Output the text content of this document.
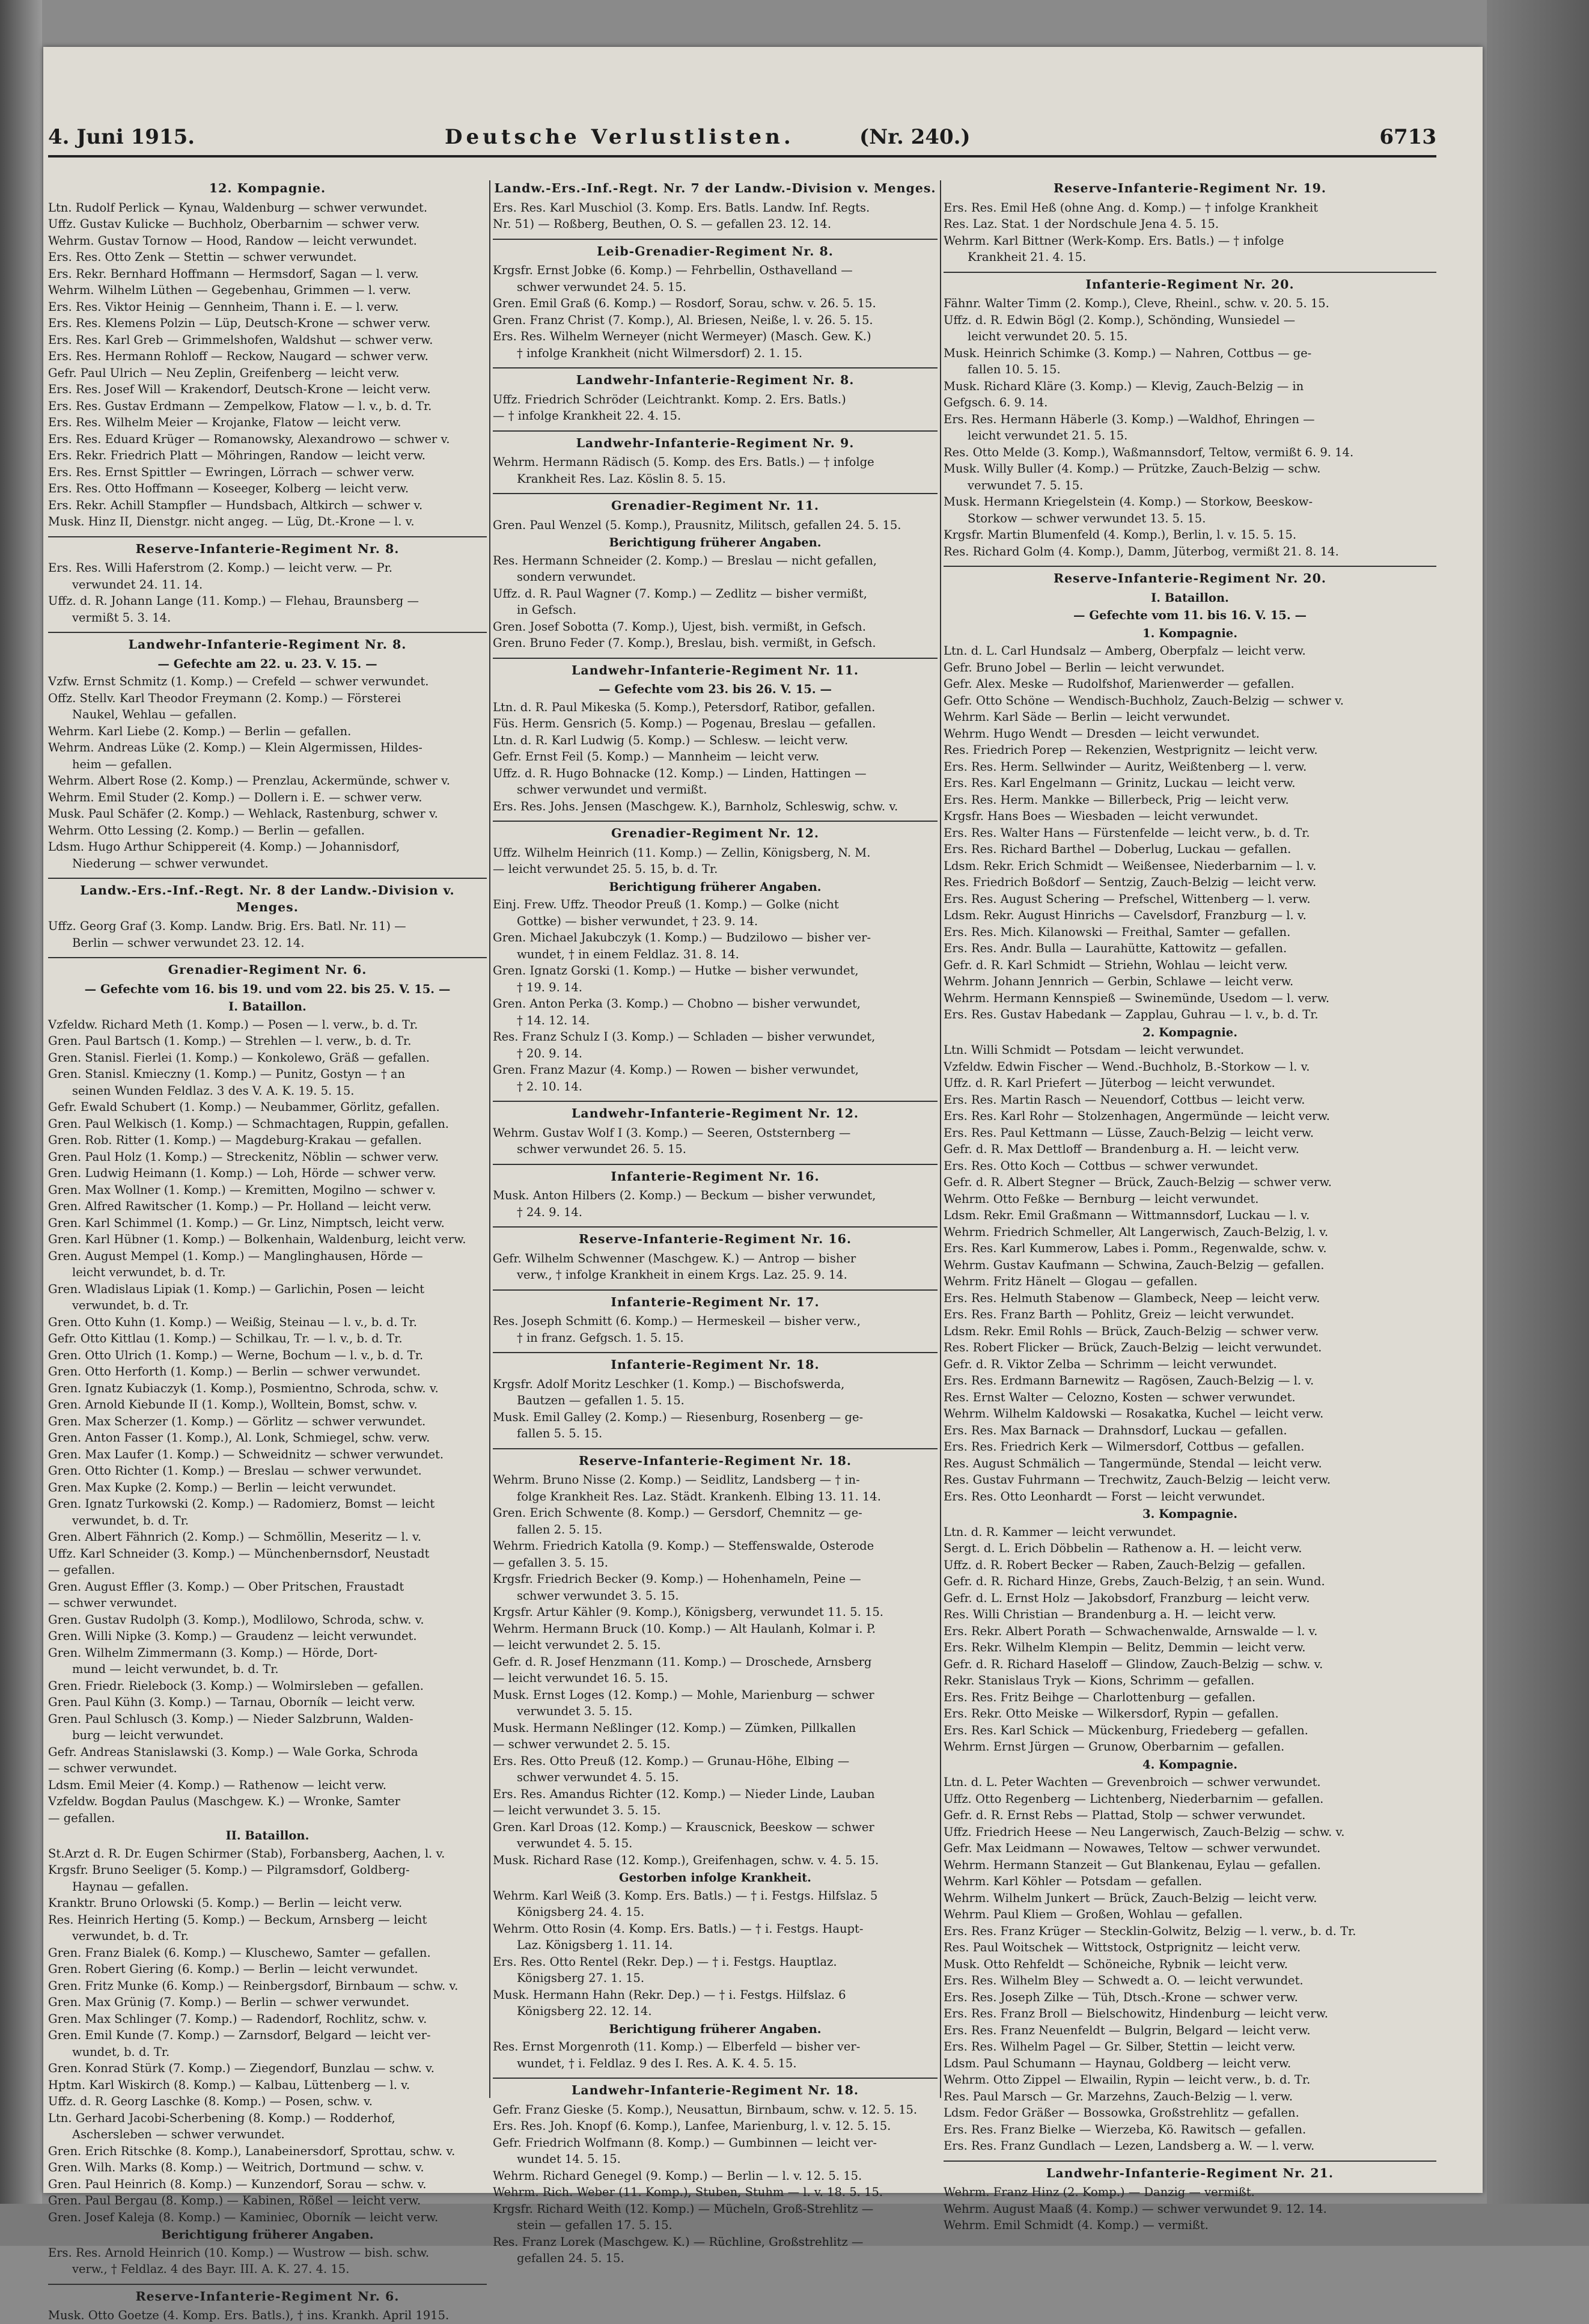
4. Juni 1915.	Deutsche Verlustlisten.	(Nr. 240.)	6713
12. Kompagnie.
Ltn. Rudolf Perlick — Kynau, Waldenburg — schwer verwundet.
Uffz. Gustav Kulicke — Buchholz, Oberbarnim — schwer verw.
Wehrm. Gustav Tornow — Hood, Randow — leicht verwundet.
Ers. Res. Otto Zenk — Stettin — schwer verwundet.
Ers. Rekr. Bernhard Hoffmann — Hermsdorf, Sagan — l. verw.
Wehrm. Wilhelm Lüthen — Gegebenhau, Grimmen — l. verw.
Ers. Res. Viktor Heinig — Gennheim, Thann i. E. — l. verw.
Ers. Res. Klemens Polzin — Lüp, Deutsch-Krone — schwer verw.
Ers. Res. Karl Greb — Grimmelshofen, Waldshut — schwer verw.
Ers. Res. Hermann Rohloff — Reckow, Naugard — schwer verw.
Gefr. Paul Ulrich — Neu Zeplin, Greifenberg — leicht verw.
Ers. Res. Josef Will — Krakendorf, Deutsch-Krone — leicht verw.
Ers. Res. Gustav Erdmann — Zempelkow, Flatow — l. v., b. d. Tr.
Ers. Res. Wilhelm Meier — Krojanke, Flatow — leicht verw.
Ers. Res. Eduard Krüger — Romanowsky, Alexandrowo — schwer v.
Ers. Rekr. Friedrich Platt — Möhringen, Randow — leicht verw.
Ers. Res. Ernst Spittler — Ewringen, Lörrach — schwer verw.
Ers. Res. Otto Hoffmann — Koseeger, Kolberg — leicht verw.
Ers. Rekr. Achill Stampfler — Hundsbach, Altkirch — schwer v.
Musk. Hinz II, Dienstgr. nicht angeg. — Lüg, Dt.-Krone — l. v.
Reserve-Infanterie-Regiment Nr. 8.
Ers. Res. Willi Haferstrom (2. Komp.) — leicht verw. — Pr.
verwundet 24. 11. 14.
Uffz. d. R. Johann Lange (11. Komp.) — Flehau, Braunsberg —
vermißt 5. 3. 14.
Landwehr-Infanterie-Regiment Nr. 8.
— Gefechte am 22. u. 23. V. 15. —
Vzfw. Ernst Schmitz (1. Komp.) — Crefeld — schwer verwundet.
Offz. Stellv. Karl Theodor Freymann (2. Komp.) — Försterei
Naukel, Wehlau — gefallen.
Wehrm. Karl Liebe (2. Komp.) — Berlin — gefallen.
Wehrm. Andreas Lüke (2. Komp.) — Klein Algermissen, Hildes-
heim — gefallen.
Wehrm. Albert Rose (2. Komp.) — Prenzlau, Ackermünde, schwer v.
Wehrm. Emil Studer (2. Komp.) — Dollern i. E. — schwer verw.
Musk. Paul Schäfer (2. Komp.) — Wehlack, Rastenburg, schwer v.
Wehrm. Otto Lessing (2. Komp.) — Berlin — gefallen.
Ldsm. Hugo Arthur Schippereit (4. Komp.) — Johannisdorf,
Niederung — schwer verwundet.
Landw.-Ers.-Inf.-Regt. Nr. 8 der Landw.-Division v. Menges.
Uffz. Georg Graf (3. Komp. Landw. Brig. Ers. Batl. Nr. 11) —
Berlin — schwer verwundet 23. 12. 14.
Grenadier-Regiment Nr. 6.
— Gefechte vom 16. bis 19. und vom 22. bis 25. V. 15. —
I. Bataillon.
Vzfeldw. Richard Meth (1. Komp.) — Posen — l. verw., b. d. Tr.
Gren. Paul Bartsch (1. Komp.) — Strehlen — l. verw., b. d. Tr.
Gren. Stanisl. Fierlei (1. Komp.) — Konkolewo, Gräß — gefallen.
Gren. Stanisl. Kmieczny (1. Komp.) — Punitz, Gostyn — † an
seinen Wunden Feldlaz. 3 des V. A. K. 19. 5. 15.
Gefr. Ewald Schubert (1. Komp.) — Neubammer, Görlitz, gefallen.
Gren. Paul Welkisch (1. Komp.) — Schmachtagen, Ruppin, gefallen.
Gren. Rob. Ritter (1. Komp.) — Magdeburg-Krakau — gefallen.
Gren. Paul Holz (1. Komp.) — Streckenitz, Nöblin — schwer verw.
Gren. Ludwig Heimann (1. Komp.) — Loh, Hörde — schwer verw.
Gren. Max Wollner (1. Komp.) — Kremitten, Mogilno — schwer v.
Gren. Alfred Rawitscher (1. Komp.) — Pr. Holland — leicht verw.
Gren. Karl Schimmel (1. Komp.) — Gr. Linz, Nimptsch, leicht verw.
Gren. Karl Hübner (1. Komp.) — Bolkenhain, Waldenburg, leicht verw.
Gren. August Mempel (1. Komp.) — Manglinghausen, Hörde —
leicht verwundet, b. d. Tr.
Gren. Wladislaus Lipiak (1. Komp.) — Garlichin, Posen — leicht
verwundet, b. d. Tr.
Gren. Otto Kuhn (1. Komp.) — Weißig, Steinau — l. v., b. d. Tr.
Gefr. Otto Kittlau (1. Komp.) — Schilkau, Tr. — l. v., b. d. Tr.
Gren. Otto Ulrich (1. Komp.) — Werne, Bochum — l. v., b. d. Tr.
Gren. Otto Herforth (1. Komp.) — Berlin — schwer verwundet.
Gren. Ignatz Kubiaczyk (1. Komp.), Posmientno, Schroda, schw. v.
Gren. Arnold Kiebunde II (1. Komp.), Wolltein, Bomst, schw. v.
Gren. Max Scherzer (1. Komp.) — Görlitz — schwer verwundet.
Gren. Anton Fasser (1. Komp.), Al. Lonk, Schmiegel, schw. verw.
Gren. Max Laufer (1. Komp.) — Schweidnitz — schwer verwundet.
Gren. Otto Richter (1. Komp.) — Breslau — schwer verwundet.
Gren. Max Kupke (2. Komp.) — Berlin — leicht verwundet.
Gren. Ignatz Turkowski (2. Komp.) — Radomierz, Bomst — leicht
verwundet, b. d. Tr.
Gren. Albert Fähnrich (2. Komp.) — Schmöllin, Meseritz — l. v.
Uffz. Karl Schneider (3. Komp.) — Münchenbernsdorf, Neustadt
— gefallen.
Gren. August Effler (3. Komp.) — Ober Pritschen, Fraustadt
— schwer verwundet.
Gren. Gustav Rudolph (3. Komp.), Modlilowo, Schroda, schw. v.
Gren. Willi Nipke (3. Komp.) — Graudenz — leicht verwundet.
Gren. Wilhelm Zimmermann (3. Komp.) — Hörde, Dort-
mund — leicht verwundet, b. d. Tr.
Gren. Friedr. Rielebock (3. Komp.) — Wolmirsleben — gefallen.
Gren. Paul Kühn (3. Komp.) — Tarnau, Oborník — leicht verw.
Gren. Paul Schlusch (3. Komp.) — Nieder Salzbrunn, Walden-
burg — leicht verwundet.
Gefr. Andreas Stanislawski (3. Komp.) — Wale Gorka, Schroda
— schwer verwundet.
Ldsm. Emil Meier (4. Komp.) — Rathenow — leicht verw.
Vzfeldw. Bogdan Paulus (Maschgew. K.) — Wronke, Samter
— gefallen.
II. Bataillon.
St.Arzt d. R. Dr. Eugen Schirmer (Stab), Forbansberg, Aachen, l. v.
Krgsfr. Bruno Seeliger (5. Komp.) — Pilgramsdorf, Goldberg-
Haynau — gefallen.
Kranktr. Bruno Orlowski (5. Komp.) — Berlin — leicht verw.
Res. Heinrich Herting (5. Komp.) — Beckum, Arnsberg — leicht
verwundet, b. d. Tr.
Gren. Franz Bialek (6. Komp.) — Kluschewo, Samter — gefallen.
Gren. Robert Giering (6. Komp.) — Berlin — leicht verwundet.
Gren. Fritz Munke (6. Komp.) — Reinbergsdorf, Birnbaum — schw. v.
Gren. Max Grünig (7. Komp.) — Berlin — schwer verwundet.
Gren. Max Schlinger (7. Komp.) — Radendorf, Rochlitz, schw. v.
Gren. Emil Kunde (7. Komp.) — Zarnsdorf, Belgard — leicht ver-
wundet, b. d. Tr.
Gren. Konrad Stürk (7. Komp.) — Ziegendorf, Bunzlau — schw. v.
Hptm. Karl Wiskirch (8. Komp.) — Kalbau, Lüttenberg — l. v.
Uffz. d. R. Georg Laschke (8. Komp.) — Posen, schw. v.
Ltn. Gerhard Jacobi-Scherbening (8. Komp.) — Rodderhof,
Aschersleben — schwer verwundet.
Gren. Erich Ritschke (8. Komp.), Lanabeinersdorf, Sprottau, schw. v.
Gren. Wilh. Marks (8. Komp.) — Weitrich, Dortmund — schw. v.
Gren. Paul Heinrich (8. Komp.) — Kunzendorf, Sorau — schw. v.
Gren. Paul Bergau (8. Komp.) — Kabinen, Rößel — leicht verw.
Gren. Josef Kaleja (8. Komp.) — Kaminiec, Oborník — leicht verw.
Berichtigung früherer Angaben.
Ers. Res. Arnold Heinrich (10. Komp.) — Wustrow — bish. schw.
verw., † Feldlaz. 4 des Bayr. III. A. K. 27. 4. 15.
Reserve-Infanterie-Regiment Nr. 6.
Musk. Otto Goetze (4. Komp. Ers. Batls.), † ins. Krankh. April 1915.
Landw.-Ers.-Inf.-Regt. Nr. 7 der Landw.-Division v. Menges.
Ers. Res. Karl Muschiol (3. Komp. Ers. Batls. Landw. Inf. Regts.
Nr. 51) — Roßberg, Beuthen, O. S. — gefallen 23. 12. 14.
Leib-Grenadier-Regiment Nr. 8.
Krgsfr. Ernst Jobke (6. Komp.) — Fehrbellin, Osthavelland —
schwer verwundet 24. 5. 15.
Gren. Emil Graß (6. Komp.) — Rosdorf, Sorau, schw. v. 26. 5. 15.
Gren. Franz Christ (7. Komp.), Al. Briesen, Neiße, l. v. 26. 5. 15.
Ers. Res. Wilhelm Werneyer (nicht Wermeyer) (Masch. Gew. K.)
† infolge Krankheit (nicht Wilmersdorf) 2. 1. 15.
Landwehr-Infanterie-Regiment Nr. 8.
Uffz. Friedrich Schröder (Leichtrankt. Komp. 2. Ers. Batls.)
— † infolge Krankheit 22. 4. 15.
Landwehr-Infanterie-Regiment Nr. 9.
Wehrm. Hermann Rädisch (5. Komp. des Ers. Batls.) — † infolge
Krankheit Res. Laz. Köslin 8. 5. 15.
Grenadier-Regiment Nr. 11.
Gren. Paul Wenzel (5. Komp.), Prausnitz, Militsch, gefallen 24. 5. 15.
Berichtigung früherer Angaben.
Res. Hermann Schneider (2. Komp.) — Breslau — nicht gefallen,
sondern verwundet.
Uffz. d. R. Paul Wagner (7. Komp.) — Zedlitz — bisher vermißt,
in Gefsch.
Gren. Josef Sobotta (7. Komp.), Ujest, bish. vermißt, in Gefsch.
Gren. Bruno Feder (7. Komp.), Breslau, bish. vermißt, in Gefsch.
Landwehr-Infanterie-Regiment Nr. 11.
— Gefechte vom 23. bis 26. V. 15. —
Ltn. d. R. Paul Mikeska (5. Komp.), Petersdorf, Ratibor, gefallen.
Füs. Herm. Gensrich (5. Komp.) — Pogenau, Breslau — gefallen.
Ltn. d. R. Karl Ludwig (5. Komp.) — Schlesw. — leicht verw.
Gefr. Ernst Feil (5. Komp.) — Mannheim — leicht verw.
Uffz. d. R. Hugo Bohnacke (12. Komp.) — Linden, Hattingen —
schwer verwundet und vermißt.
Ers. Res. Johs. Jensen (Maschgew. K.), Barnholz, Schleswig, schw. v.
Grenadier-Regiment Nr. 12.
Uffz. Wilhelm Heinrich (11. Komp.) — Zellin, Königsberg, N. M.
— leicht verwundet 25. 5. 15, b. d. Tr.
Berichtigung früherer Angaben.
Einj. Frew. Uffz. Theodor Preuß (1. Komp.) — Golke (nicht
Gottke) — bisher verwundet, † 23. 9. 14.
Gren. Michael Jakubczyk (1. Komp.) — Budzilowo — bisher ver-
wundet, † in einem Feldlaz. 31. 8. 14.
Gren. Ignatz Gorski (1. Komp.) — Hutke — bisher verwundet,
† 19. 9. 14.
Gren. Anton Perka (3. Komp.) — Chobno — bisher verwundet,
† 14. 12. 14.
Res. Franz Schulz I (3. Komp.) — Schladen — bisher verwundet,
† 20. 9. 14.
Gren. Franz Mazur (4. Komp.) — Rowen — bisher verwundet,
† 2. 10. 14.
Landwehr-Infanterie-Regiment Nr. 12.
Wehrm. Gustav Wolf I (3. Komp.) — Seeren, Oststernberg —
schwer verwundet 26. 5. 15.
Infanterie-Regiment Nr. 16.
Musk. Anton Hilbers (2. Komp.) — Beckum — bisher verwundet,
† 24. 9. 14.
Reserve-Infanterie-Regiment Nr. 16.
Gefr. Wilhelm Schwenner (Maschgew. K.) — Antrop — bisher
verw., † infolge Krankheit in einem Krgs. Laz. 25. 9. 14.
Infanterie-Regiment Nr. 17.
Res. Joseph Schmitt (6. Komp.) — Hermeskeil — bisher verw.,
† in franz. Gefgsch. 1. 5. 15.
Infanterie-Regiment Nr. 18.
Krgsfr. Adolf Moritz Leschker (1. Komp.) — Bischofswerda,
Bautzen — gefallen 1. 5. 15.
Musk. Emil Galley (2. Komp.) — Riesenburg, Rosenberg — ge-
fallen 5. 5. 15.
Reserve-Infanterie-Regiment Nr. 18.
Wehrm. Bruno Nisse (2. Komp.) — Seidlitz, Landsberg — † in-
folge Krankheit Res. Laz. Städt. Krankenh. Elbing 13. 11. 14.
Gren. Erich Schwente (8. Komp.) — Gersdorf, Chemnitz — ge-
fallen 2. 5. 15.
Wehrm. Friedrich Katolla (9. Komp.) — Steffenswalde, Osterode
— gefallen 3. 5. 15.
Krgsfr. Friedrich Becker (9. Komp.) — Hohenhameln, Peine —
schwer verwundet 3. 5. 15.
Krgsfr. Artur Kähler (9. Komp.), Königsberg, verwundet 11. 5. 15.
Wehrm. Hermann Bruck (10. Komp.) — Alt Haulanh, Kolmar i. P.
— leicht verwundet 2. 5. 15.
Gefr. d. R. Josef Henzmann (11. Komp.) — Droschede, Arnsberg
— leicht verwundet 16. 5. 15.
Musk. Ernst Loges (12. Komp.) — Mohle, Marienburg — schwer
verwundet 3. 5. 15.
Musk. Hermann Neßlinger (12. Komp.) — Zümken, Pillkallen
— schwer verwundet 2. 5. 15.
Ers. Res. Otto Preuß (12. Komp.) — Grunau-Höhe, Elbing —
schwer verwundet 4. 5. 15.
Ers. Res. Amandus Richter (12. Komp.) — Nieder Linde, Lauban
— leicht verwundet 3. 5. 15.
Gren. Karl Droas (12. Komp.) — Krauscnick, Beeskow — schwer
verwundet 4. 5. 15.
Musk. Richard Rase (12. Komp.), Greifenhagen, schw. v. 4. 5. 15.
Gestorben infolge Krankheit.
Wehrm. Karl Weiß (3. Komp. Ers. Batls.) — † i. Festgs. Hilfslaz. 5
Königsberg 24. 4. 15.
Wehrm. Otto Rosin (4. Komp. Ers. Batls.) — † i. Festgs. Haupt-
Laz. Königsberg 1. 11. 14.
Ers. Res. Otto Rentel (Rekr. Dep.) — † i. Festgs. Hauptlaz.
Königsberg 27. 1. 15.
Musk. Hermann Hahn (Rekr. Dep.) — † i. Festgs. Hilfslaz. 6
Königsberg 22. 12. 14.
Berichtigung früherer Angaben.
Res. Ernst Morgenroth (11. Komp.) — Elberfeld — bisher ver-
wundet, † i. Feldlaz. 9 des I. Res. A. K. 4. 5. 15.
Landwehr-Infanterie-Regiment Nr. 18.
Gefr. Franz Gieske (5. Komp.), Neusattun, Birnbaum, schw. v. 12. 5. 15.
Ers. Res. Joh. Knopf (6. Komp.), Lanfee, Marienburg, l. v. 12. 5. 15.
Gefr. Friedrich Wolfmann (8. Komp.) — Gumbinnen — leicht ver-
wundet 14. 5. 15.
Wehrm. Richard Genegel (9. Komp.) — Berlin — l. v. 12. 5. 15.
Wehrm. Rich. Weber (11. Komp.), Stuben, Stuhm — l. v. 18. 5. 15.
Krgsfr. Richard Weith (12. Komp.) — Mücheln, Groß-Strehlitz —
stein — gefallen 17. 5. 15.
Res. Franz Lorek (Maschgew. K.) — Rüchline, Großstrehlitz —
gefallen 24. 5. 15.
Reserve-Infanterie-Regiment Nr. 19.
Ers. Res. Emil Heß (ohne Ang. d. Komp.) — † infolge Krankheit
Res. Laz. Stat. 1 der Nordschule Jena 4. 5. 15.
Wehrm. Karl Bittner (Werk-Komp. Ers. Batls.) — † infolge
Krankheit 21. 4. 15.
Infanterie-Regiment Nr. 20.
Fähnr. Walter Timm (2. Komp.), Cleve, Rheinl., schw. v. 20. 5. 15.
Uffz. d. R. Edwin Bögl (2. Komp.), Schönding, Wunsiedel —
leicht verwundet 20. 5. 15.
Musk. Heinrich Schimke (3. Komp.) — Nahren, Cottbus — ge-
fallen 10. 5. 15.
Musk. Richard Kläre (3. Komp.) — Klevig, Zauch-Belzig — in
Gefgsch. 6. 9. 14.
Ers. Res. Hermann Häberle (3. Komp.) —Waldhof, Ehringen —
leicht verwundet 21. 5. 15.
Res. Otto Melde (3. Komp.), Waßmannsdorf, Teltow, vermißt 6. 9. 14.
Musk. Willy Buller (4. Komp.) — Prützke, Zauch-Belzig — schw.
verwundet 7. 5. 15.
Musk. Hermann Kriegelstein (4. Komp.) — Storkow, Beeskow-
Storkow — schwer verwundet 13. 5. 15.
Krgsfr. Martin Blumenfeld (4. Komp.), Berlin, l. v. 15. 5. 15.
Res. Richard Golm (4. Komp.), Damm, Jüterbog, vermißt 21. 8. 14.
Reserve-Infanterie-Regiment Nr. 20.
I. Bataillon.
— Gefechte vom 11. bis 16. V. 15. —
1. Kompagnie.
Ltn. d. L. Carl Hundsalz — Amberg, Oberpfalz — leicht verw.
Gefr. Bruno Jobel — Berlin — leicht verwundet.
Gefr. Alex. Meske — Rudolfshof, Marienwerder — gefallen.
Gefr. Otto Schöne — Wendisch-Buchholz, Zauch-Belzig — schwer v.
Wehrm. Karl Säde — Berlin — leicht verwundet.
Wehrm. Hugo Wendt — Dresden — leicht verwundet.
Res. Friedrich Porep — Rekenzien, Westprignitz — leicht verw.
Ers. Res. Herm. Sellwinder — Auritz, Weißtenberg — l. verw.
Ers. Res. Karl Engelmann — Grinitz, Luckau — leicht verw.
Ers. Res. Herm. Mankke — Billerbeck, Prig — leicht verw.
Krgsfr. Hans Boes — Wiesbaden — leicht verwundet.
Ers. Res. Walter Hans — Fürstenfelde — leicht verw., b. d. Tr.
Ers. Res. Richard Barthel — Doberlug, Luckau — gefallen.
Ldsm. Rekr. Erich Schmidt — Weißensee, Niederbarnim — l. v.
Res. Friedrich Boßdorf — Sentzig, Zauch-Belzig — leicht verw.
Ers. Res. August Schering — Prefschel, Wittenberg — l. verw.
Ldsm. Rekr. August Hinrichs — Cavelsdorf, Franzburg — l. v.
Ers. Res. Mich. Kilanowski — Freithal, Samter — gefallen.
Ers. Res. Andr. Bulla — Laurahütte, Kattowitz — gefallen.
Gefr. d. R. Karl Schmidt — Striehn, Wohlau — leicht verw.
Wehrm. Johann Jennrich — Gerbin, Schlawe — leicht verw.
Wehrm. Hermann Kennspieß — Swinemünde, Usedom — l. verw.
Ers. Res. Gustav Habedank — Zapplau, Guhrau — l. v., b. d. Tr.
2. Kompagnie.
Ltn. Willi Schmidt — Potsdam — leicht verwundet.
Vzfeldw. Edwin Fischer — Wend.-Buchholz, B.-Storkow — l. v.
Uffz. d. R. Karl Priefert — Jüterbog — leicht verwundet.
Ers. Res. Martin Rasch — Neuendorf, Cottbus — leicht verw.
Ers. Res. Karl Rohr — Stolzenhagen, Angermünde — leicht verw.
Ers. Res. Paul Kettmann — Lüsse, Zauch-Belzig — leicht verw.
Gefr. d. R. Max Dettloff — Brandenburg a. H. — leicht verw.
Ers. Res. Otto Koch — Cottbus — schwer verwundet.
Gefr. d. R. Albert Stegner — Brück, Zauch-Belzig — schwer verw.
Wehrm. Otto Feßke — Bernburg — leicht verwundet.
Ldsm. Rekr. Emil Graßmann — Wittmannsdorf, Luckau — l. v.
Wehrm. Friedrich Schmeller, Alt Langerwisch, Zauch-Belzig, l. v.
Ers. Res. Karl Kummerow, Labes i. Pomm., Regenwalde, schw. v.
Wehrm. Gustav Kaufmann — Schwina, Zauch-Belzig — gefallen.
Wehrm. Fritz Hänelt — Glogau — gefallen.
Ers. Res. Helmuth Stabenow — Glambeck, Neep — leicht verw.
Ers. Res. Franz Barth — Pohlitz, Greiz — leicht verwundet.
Ldsm. Rekr. Emil Rohls — Brück, Zauch-Belzig — schwer verw.
Res. Robert Flicker — Brück, Zauch-Belzig — leicht verwundet.
Gefr. d. R. Viktor Zelba — Schrimm — leicht verwundet.
Ers. Res. Erdmann Barnewitz — Ragösen, Zauch-Belzig — l. v.
Res. Ernst Walter — Celozno, Kosten — schwer verwundet.
Wehrm. Wilhelm Kaldowski — Rosakatka, Kuchel — leicht verw.
Ers. Res. Max Barnack — Drahnsdorf, Luckau — gefallen.
Ers. Res. Friedrich Kerk — Wilmersdorf, Cottbus — gefallen.
Res. August Schmälich — Tangermünde, Stendal — leicht verw.
Res. Gustav Fuhrmann — Trechwitz, Zauch-Belzig — leicht verw.
Ers. Res. Otto Leonhardt — Forst — leicht verwundet.
3. Kompagnie.
Ltn. d. R. Kammer — leicht verwundet.
Sergt. d. L. Erich Döbbelin — Rathenow a. H. — leicht verw.
Uffz. d. R. Robert Becker — Raben, Zauch-Belzig — gefallen.
Gefr. d. R. Richard Hinze, Grebs, Zauch-Belzig, † an sein. Wund.
Gefr. d. L. Ernst Holz — Jakobsdorf, Franzburg — leicht verw.
Res. Willi Christian — Brandenburg a. H. — leicht verw.
Ers. Rekr. Albert Porath — Schwachenwalde, Arnswalde — l. v.
Ers. Rekr. Wilhelm Klempin — Belitz, Demmin — leicht verw.
Gefr. d. R. Richard Haseloff — Glindow, Zauch-Belzig — schw. v.
Rekr. Stanislaus Tryk — Kions, Schrimm — gefallen.
Ers. Res. Fritz Beihge — Charlottenburg — gefallen.
Ers. Rekr. Otto Meiske — Wilkersdorf, Rypin — gefallen.
Ers. Res. Karl Schick — Mückenburg, Friedeberg — gefallen.
Wehrm. Ernst Jürgen — Grunow, Oberbarnim — gefallen.
4. Kompagnie.
Ltn. d. L. Peter Wachten — Grevenbroich — schwer verwundet.
Uffz. Otto Regenberg — Lichtenberg, Niederbarnim — gefallen.
Gefr. d. R. Ernst Rebs — Plattad, Stolp — schwer verwundet.
Uffz. Friedrich Heese — Neu Langerwisch, Zauch-Belzig — schw. v.
Gefr. Max Leidmann — Nowawes, Teltow — schwer verwundet.
Wehrm. Hermann Stanzeit — Gut Blankenau, Eylau — gefallen.
Wehrm. Karl Köhler — Potsdam — gefallen.
Wehrm. Wilhelm Junkert — Brück, Zauch-Belzig — leicht verw.
Wehrm. Paul Kliem — Großen, Wohlau — gefallen.
Ers. Res. Franz Krüger — Stecklin-Golwitz, Belzig — l. verw., b. d. Tr.
Res. Paul Woitschek — Wittstock, Ostprignitz — leicht verw.
Musk. Otto Rehfeldt — Schöneiche, Rybnik — leicht verw.
Ers. Res. Wilhelm Bley — Schwedt a. O. — leicht verwundet.
Ers. Res. Joseph Zilke — Tüh, Dtsch.-Krone — schwer verw.
Ers. Res. Franz Broll — Bielschowitz, Hindenburg — leicht verw.
Ers. Res. Franz Neuenfeldt — Bulgrin, Belgard — leicht verw.
Ers. Res. Wilhelm Pagel — Gr. Silber, Stettin — leicht verw.
Ldsm. Paul Schumann — Haynau, Goldberg — leicht verw.
Wehrm. Otto Zippel — Elwailin, Rypin — leicht verw., b. d. Tr.
Res. Paul Marsch — Gr. Marzehns, Zauch-Belzig — l. verw.
Ldsm. Fedor Gräßer — Bossowka, Großstrehlitz — gefallen.
Ers. Res. Franz Bielke — Wierzeba, Kö. Rawitsch — gefallen.
Ers. Res. Franz Gundlach — Lezen, Landsberg a. W. — l. verw.
Landwehr-Infanterie-Regiment Nr. 21.
Wehrm. Franz Hinz (2. Komp.) — Danzig — vermißt.
Wehrm. August Maaß (4. Komp.) — schwer verwundet 9. 12. 14.
Wehrm. Emil Schmidt (4. Komp.) — vermißt.
